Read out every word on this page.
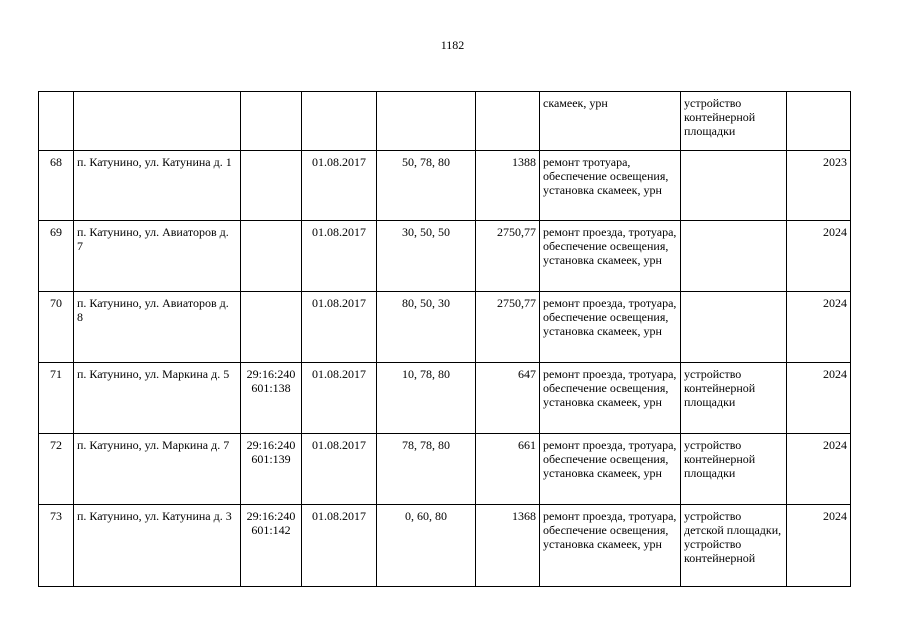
1182
						скамеек, урн	устройство контейнерной площадки	
68	п. Катунино, ул. Катунина д. 1		01.08.2017	50, 78, 80	1388	ремонт тротуара, обеспечение освещения, установка скамеек, урн		2023
69	п. Катунино, ул. Авиаторов д. 7		01.08.2017	30, 50, 50	2750,77	ремонт проезда, тротуара, обеспечение освещения, установка скамеек, урн		2024
70	п. Катунино, ул. Авиаторов д. 8		01.08.2017	80, 50, 30	2750,77	ремонт проезда, тротуара, обеспечение освещения, установка скамеек, урн		2024
71	п. Катунино, ул. Маркина д. 5	29:16:240 601:138	01.08.2017	10, 78, 80	647	ремонт проезда, тротуара, обеспечение освещения, установка скамеек, урн	устройство контейнерной площадки	2024
72	п. Катунино, ул. Маркина д. 7	29:16:240 601:139	01.08.2017	78, 78, 80	661	ремонт проезда, тротуара, обеспечение освещения, установка скамеек, урн	устройство контейнерной площадки	2024
73	п. Катунино, ул. Катунина д. 3	29:16:240 601:142	01.08.2017	0, 60, 80	1368	ремонт проезда, тротуара, обеспечение освещения, установка скамеек, урн	устройство детской площадки, устройство контейнерной	2024
